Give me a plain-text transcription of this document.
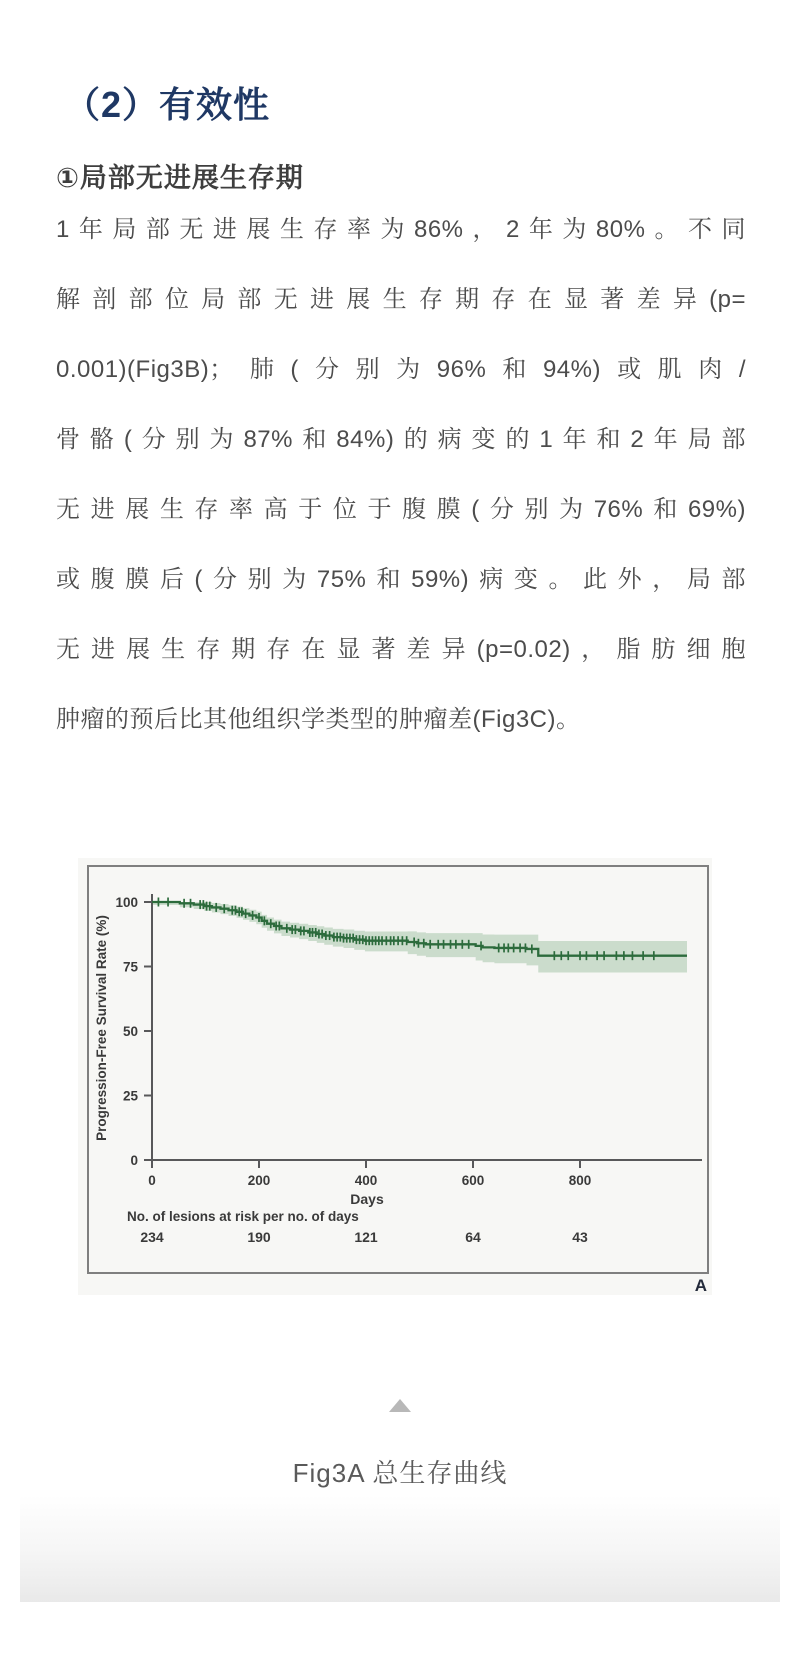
（2）有效性
①局部无进展生存期
1年局部无进展生存率为86%，2年为80%。不同
解剖部位局部无进展生存期存在显著差异(p=
0.001)(Fig3B)；肺(分别为96%和94%)或肌肉/
骨骼(分别为87%和84%)的病变的1年和2年局部
无进展生存率高于位于腹膜(分别为76%和69%)
或腹膜后(分别为75%和59%)病变。此外，局部
无进展生存期存在显著差异(p=0.02)，脂肪细胞
肿瘤的预后比其他组织学类型的肿瘤差(Fig3C)。
0
25
50
75
100
0	200	400	600	800
Progression-Free Survival Rate (%)
Days
No. of lesions at risk per no. of days
234	190	121	64	43
A
Fig3A 总生存曲线
